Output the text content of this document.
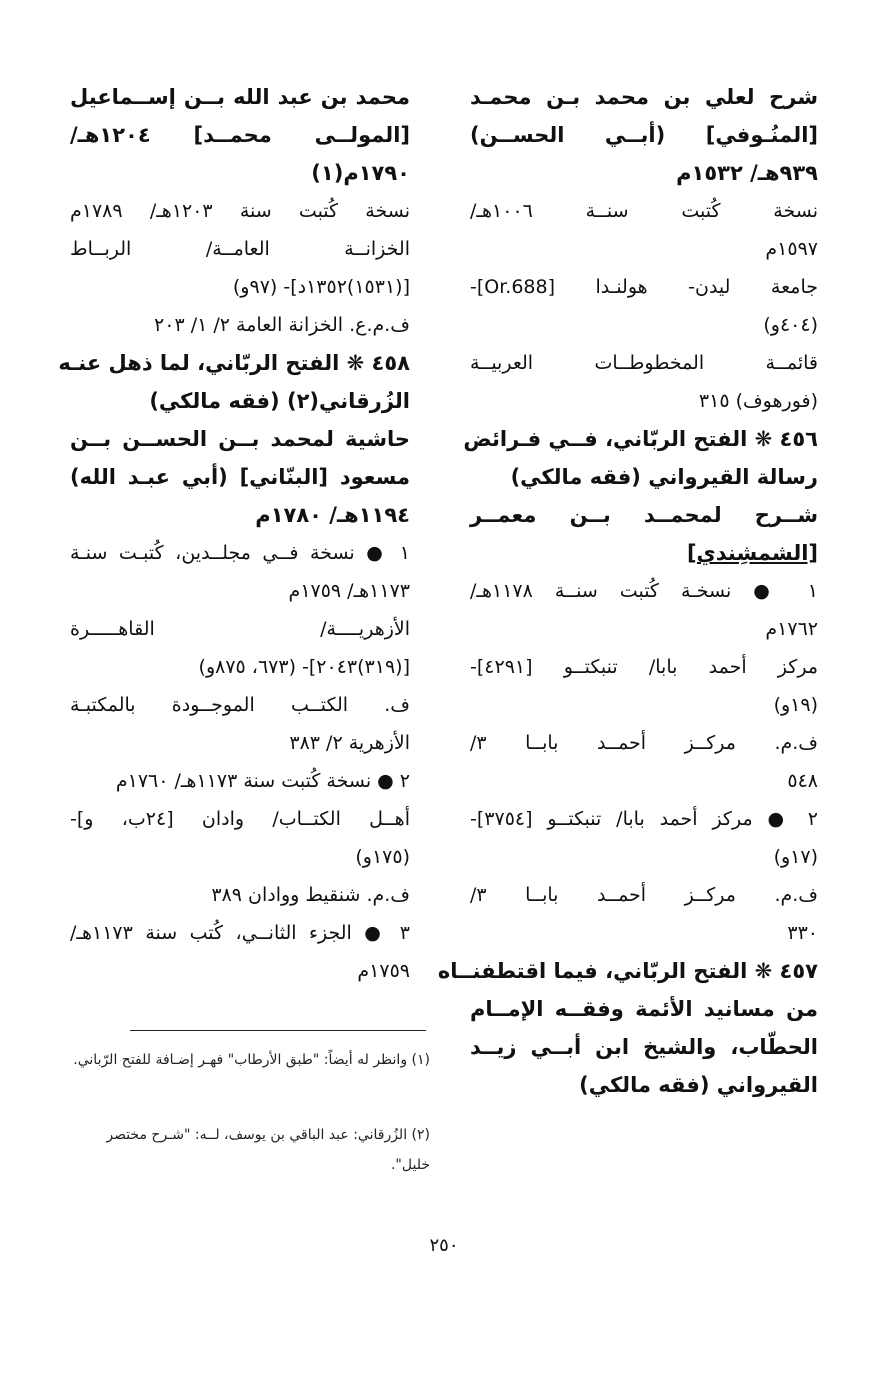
شرح لعلي بن محمد بـن محمـد
[المنُـوفي] (أبــي الحســن)
٩٣٩هـ/ ١٥٣٢م
نسخة كُتبت سنــة ١٠٠٦هـ/
١٥٩٧م
جامعة ليدن- هولنـدا [Or.688]-
(٤٠٤و)
قائمــة المخطوطــات العربيــة
(فورهوف) ٣١٥
٤٥٦ ❋ الفتح الربّاني، فــي فـرائض
رسالة القيرواني (فقه مالكي)
شــرح لمحمــد بــن معمــر
[الشمشِندي]
١ ● نسخـة كُتبت سنــة ١١٧٨هـ/
١٧٦٢م
مركز أحمد بابا/ تنبكتــو [٤٢٩١]-
(١٩و)
ف.م. مركــز أحمــد بابــا ٣/
٥٤٨
٢ ● مركز أحمد بابا/ تنبكتــو [٣٧٥٤]-
(١٧و)
ف.م. مركــز أحمــد بابــا ٣/
٣٣٠
٤٥٧ ❋ الفتح الربّاني، فيما اقتطفنــاه
من مسانيد الأئمة وفقــه الإمــام
الحطّاب، والشيخ ابن أبــي زيــد
القيرواني (فقه مالكي)
محمد بن عبد الله بــن إســماعيل
[المولــى محمــد] ١٢٠٤هـ/
١٧٩٠م(١)
نسخة كُتبت سنة ١٢٠٣هـ/ ١٧٨٩م
الخزانــة العامــة/ الربــاط
[(١٥٣١)١٣٥٢د]- (٩٧و)
ف.م.ع. الخزانة العامة ٢/ ١/ ٢٠٣
٤٥٨ ❋ الفتح الربّاني، لما ذهل عنـه
الزُرقاني(٢) (فقه مالكي)
حاشية لمحمد بــن الحســن بــن
مسعود [البنّاني] (أبي عبـد الله)
١١٩٤هـ/ ١٧٨٠م
١ ● نسخة فــي مجلــدين، كُتبـت سنـة
١١٧٣هـ/ ١٧٥٩م
الأزهريــــة/ القاهـــــرة
[(٣١٩)٢٠٤٣]- (٦٧٣، ٨٧٥و)
ف. الكتــب الموجــودة بالمكتبـة
الأزهرية ٢/ ٣٨٣
٢ ● نسخة كُتبت سنة ١١٧٣هـ/ ١٧٦٠م
أهــل الكتــاب/ وادان [٢٤ب، و]-
(١٧٥و)
ف.م. شنقيط ووادان ٣٨٩
٣ ● الجزء الثانــي، كُتب سنة ١١٧٣هـ/
١٧٥٩م
(١) وانظر له أيضاً: "طبق الأرطاب" فهـر إضـافة للفتح الرّباني.
(٢) الزُرقاني: عبد الباقي بن يوسف، لــه: "شـرح مختصر خليل".
٢٥٠
